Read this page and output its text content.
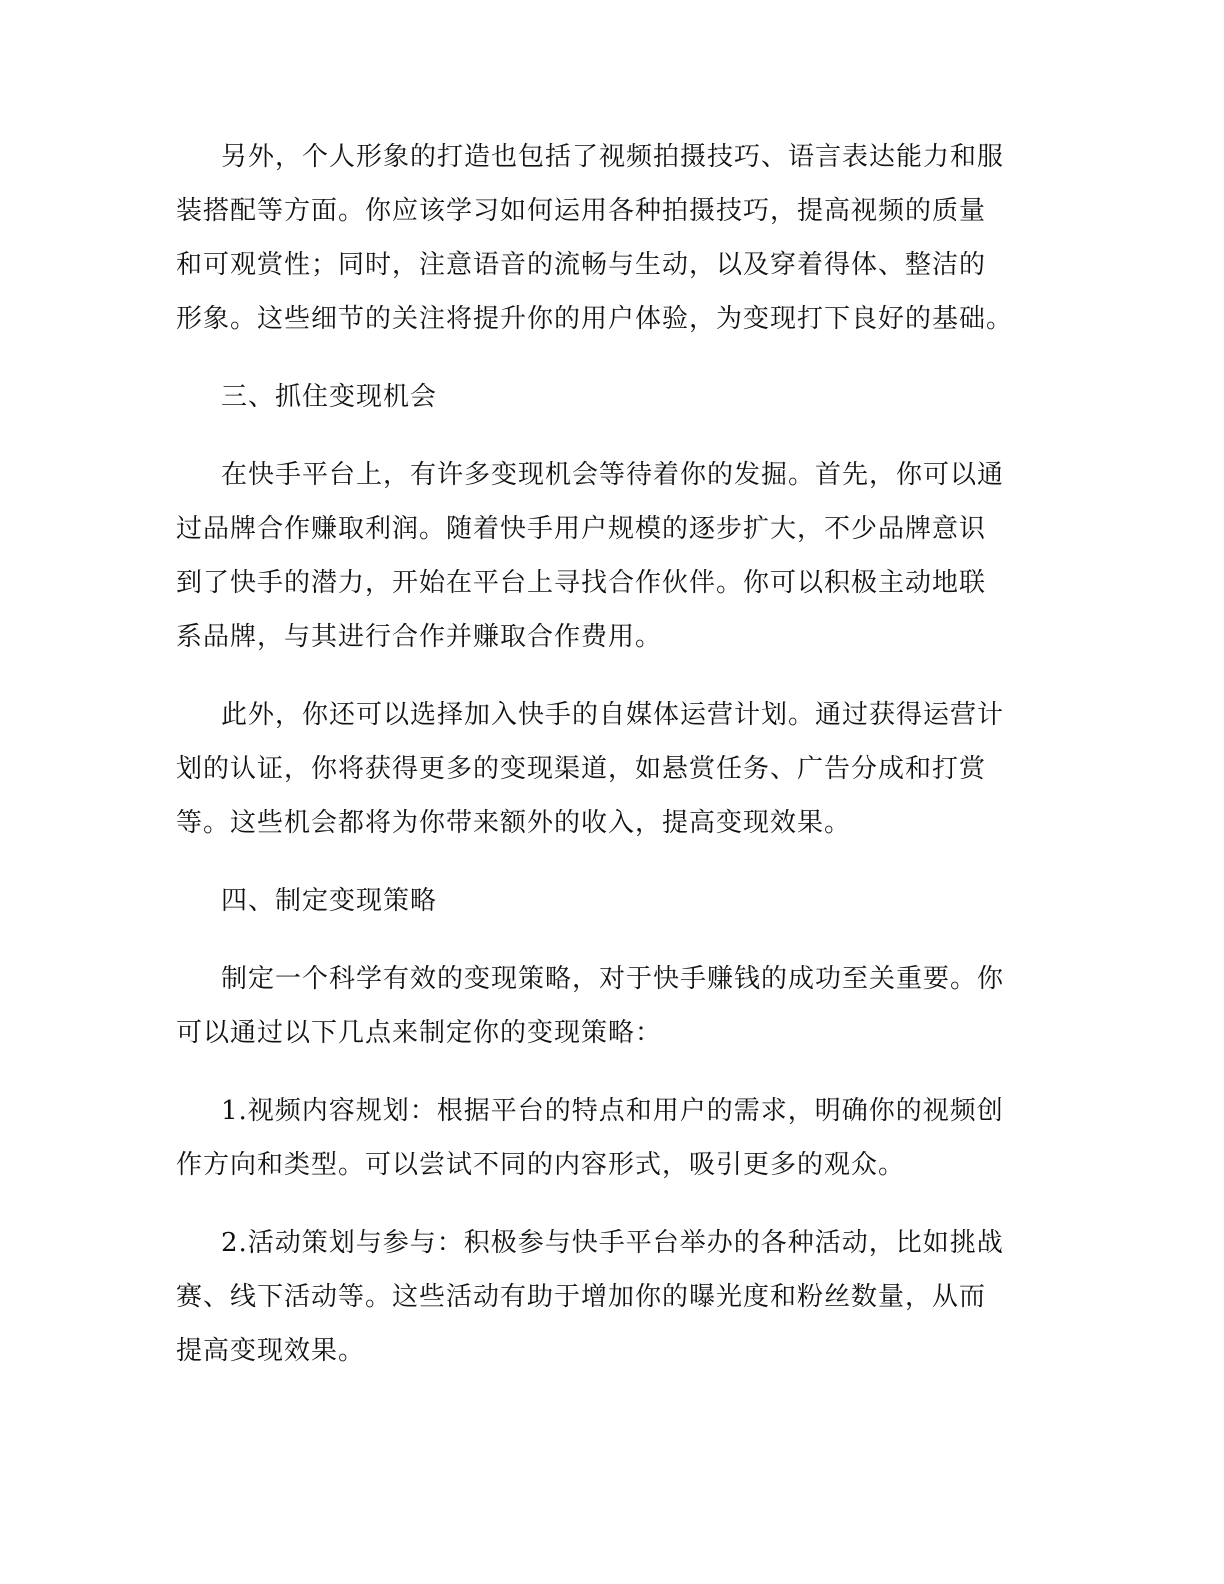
另外，个人形象的打造也包括了视频拍摄技巧、语言表达能力和服
装搭配等方面。你应该学习如何运用各种拍摄技巧，提高视频的质量
和可观赏性；同时，注意语音的流畅与生动，以及穿着得体、整洁的
形象。这些细节的关注将提升你的用户体验，为变现打下良好的基础。

三、抓住变现机会

在快手平台上，有许多变现机会等待着你的发掘。首先，你可以通
过品牌合作赚取利润。随着快手用户规模的逐步扩大，不少品牌意识
到了快手的潜力，开始在平台上寻找合作伙伴。你可以积极主动地联
系品牌，与其进行合作并赚取合作费用。

此外，你还可以选择加入快手的自媒体运营计划。通过获得运营计
划的认证，你将获得更多的变现渠道，如悬赏任务、广告分成和打赏
等。这些机会都将为你带来额外的收入，提高变现效果。

四、制定变现策略

制定一个科学有效的变现策略，对于快手赚钱的成功至关重要。你
可以通过以下几点来制定你的变现策略：

1.视频内容规划：根据平台的特点和用户的需求，明确你的视频创
作方向和类型。可以尝试不同的内容形式，吸引更多的观众。

2.活动策划与参与：积极参与快手平台举办的各种活动，比如挑战
赛、线下活动等。这些活动有助于增加你的曝光度和粉丝数量，从而
提高变现效果。
